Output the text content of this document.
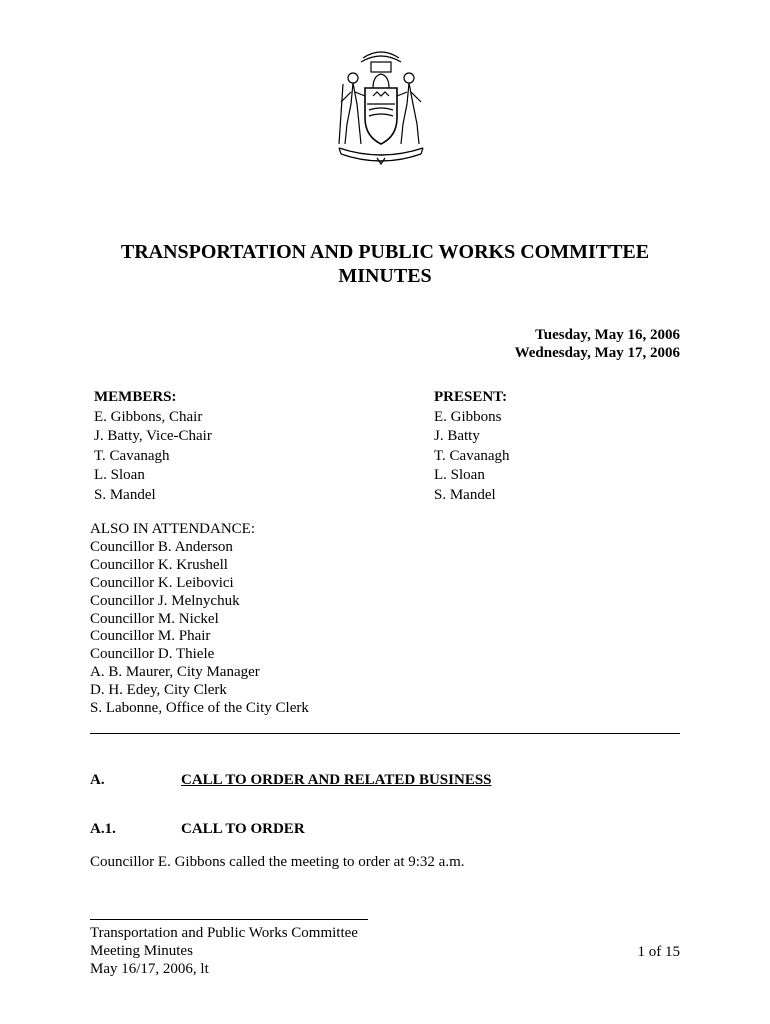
TRANSPORTATION AND PUBLIC WORKS COMMITTEE
MINUTES
Tuesday, May 16, 2006
Wednesday, May 17, 2006
MEMBERS:
E. Gibbons, Chair
J. Batty, Vice-Chair
T. Cavanagh
L. Sloan
S. Mandel
PRESENT:
E. Gibbons
J. Batty
T. Cavanagh
L. Sloan
S. Mandel
ALSO IN ATTENDANCE:
Councillor B. Anderson
Councillor K. Krushell
Councillor K. Leibovici
Councillor J. Melnychuk
Councillor M. Nickel
Councillor M. Phair
Councillor D. Thiele
A. B. Maurer, City Manager
D. H. Edey, City Clerk
S. Labonne, Office of the City Clerk
A.	CALL TO ORDER AND RELATED BUSINESS
A.1.	CALL TO ORDER
Councillor E. Gibbons called the meeting to order at 9:32 a.m.
Transportation and Public Works Committee
Meeting Minutes
May 16/17, 2006, lt
1 of 15
